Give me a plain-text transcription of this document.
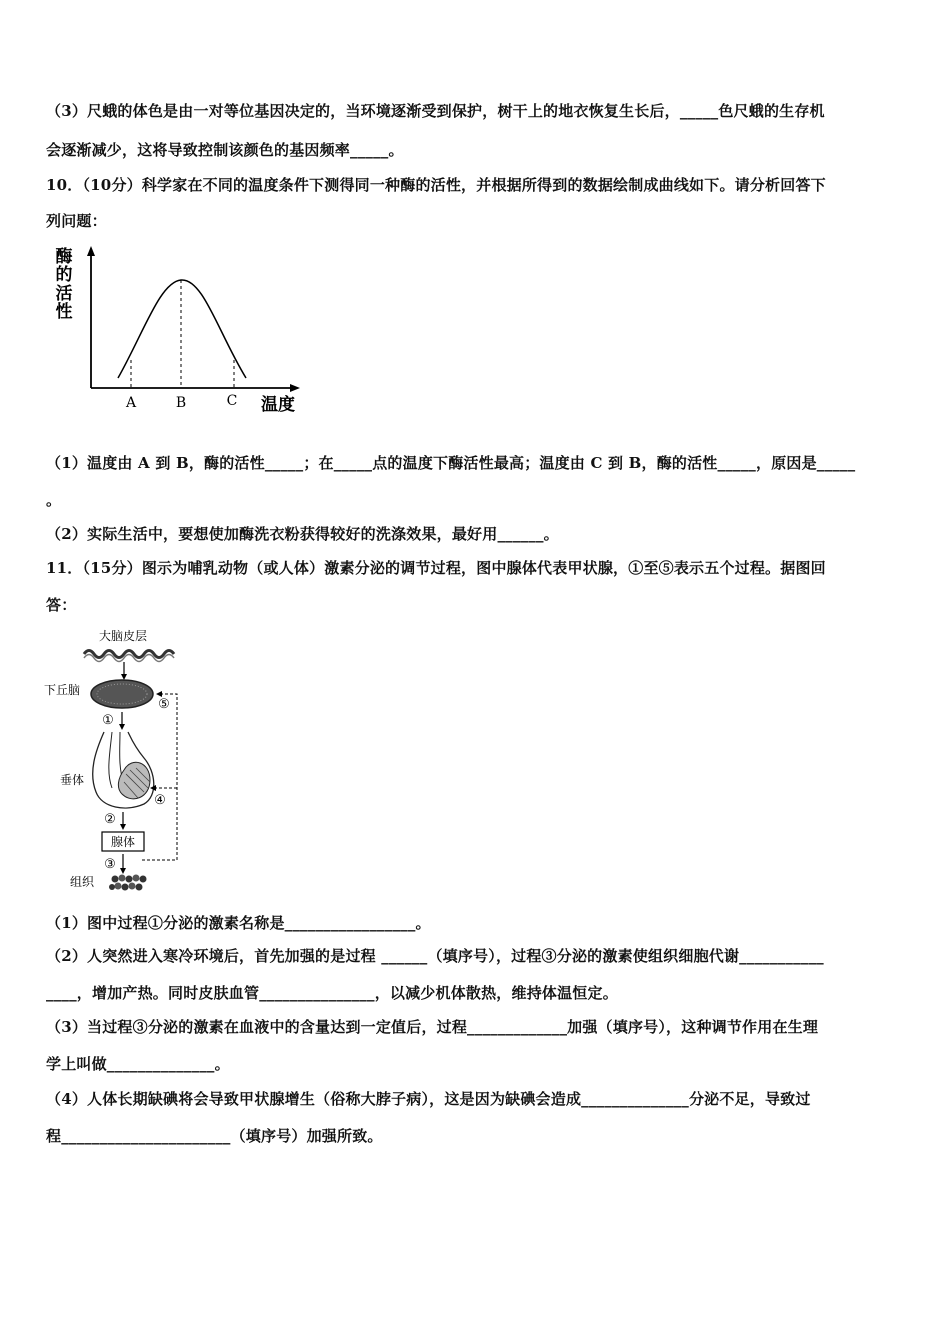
（3）尺蛾的体色是由一对等位基因决定的，当环境逐渐受到保护，树干上的地衣恢复生长后，_____色尺蛾的生存机
会逐渐减少，这将导致控制该颜色的基因频率_____。
10．（10分）科学家在不同的温度条件下测得同一种酶的活性，并根据所得到的数据绘制成曲线如下。请分析回答下
列问题：
酶
的
活
性
A	B	C 温度
（1）温度由 A 到 B，酶的活性_____；在_____点的温度下酶活性最高；温度由 C 到 B，酶的活性_____，原因是_____
。
（2）实际生活中，要想使加酶洗衣粉获得较好的洗涤效果，最好用______。
11．（15分）图示为哺乳动物（或人体）激素分泌的调节过程，图中腺体代表甲状腺，①至⑤表示五个过程。据图回
答：
大脑皮层
下丘脑
⑤
①
垂体
④
②
腺体
③
组织
（1）图中过程①分泌的激素名称是_________________。
（2）人突然进入寒冷环境后，首先加强的是过程 ______（填序号），过程③分泌的激素使组织细胞代谢___________
____，增加产热。同时皮肤血管_______________，以减少机体散热，维持体温恒定。
（3）当过程③分泌的激素在血液中的含量达到一定值后，过程_____________加强（填序号），这种调节作用在生理
学上叫做______________。
（4）人体长期缺碘将会导致甲状腺增生（俗称大脖子病），这是因为缺碘会造成______________分泌不足，导致过
程______________________（填序号）加强所致。
